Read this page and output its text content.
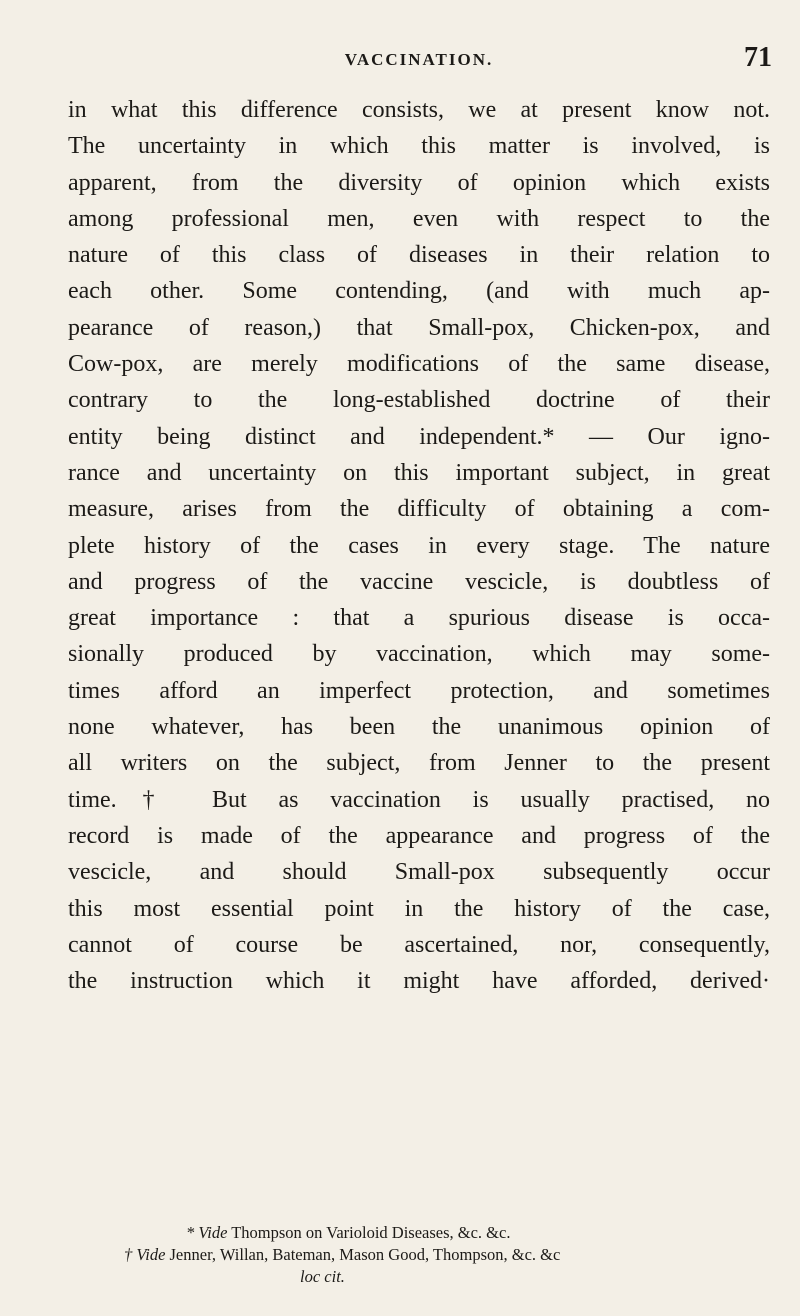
VACCINATION.	71
in what this difference consists, we at present know not.
The uncertainty in which this matter is involved, is
apparent, from the diversity of opinion which exists
among professional men, even with respect to the
nature of this class of diseases in their relation to
each other. Some contending, (and with much ap-
pearance of reason,) that Small-pox, Chicken-pox, and
Cow-pox, are merely modifications of the same disease,
contrary to the long-established doctrine of their
entity being distinct and independent.* — Our igno-
rance and uncertainty on this important subject, in great
measure, arises from the difficulty of obtaining a com-
plete history of the cases in every stage. The nature
and progress of the vaccine vescicle, is doubtless of
great importance : that a spurious disease is occa-
sionally produced by vaccination, which may some-
times afford an imperfect protection, and sometimes
none whatever, has been the unanimous opinion of
all writers on the subject, from Jenner to the present
time.† But as vaccination is usually practised, no
record is made of the appearance and progress of the
vescicle, and should Small-pox subsequently occur
this most essential point in the history of the case,
cannot of course be ascertained, nor, consequently,
the instruction which it might have afforded, derived·
* Vide Thompson on Varioloid Diseases, &c. &c.
† Vide Jenner, Willan, Bateman, Mason Good, Thompson, &c. &c
loc cit.
